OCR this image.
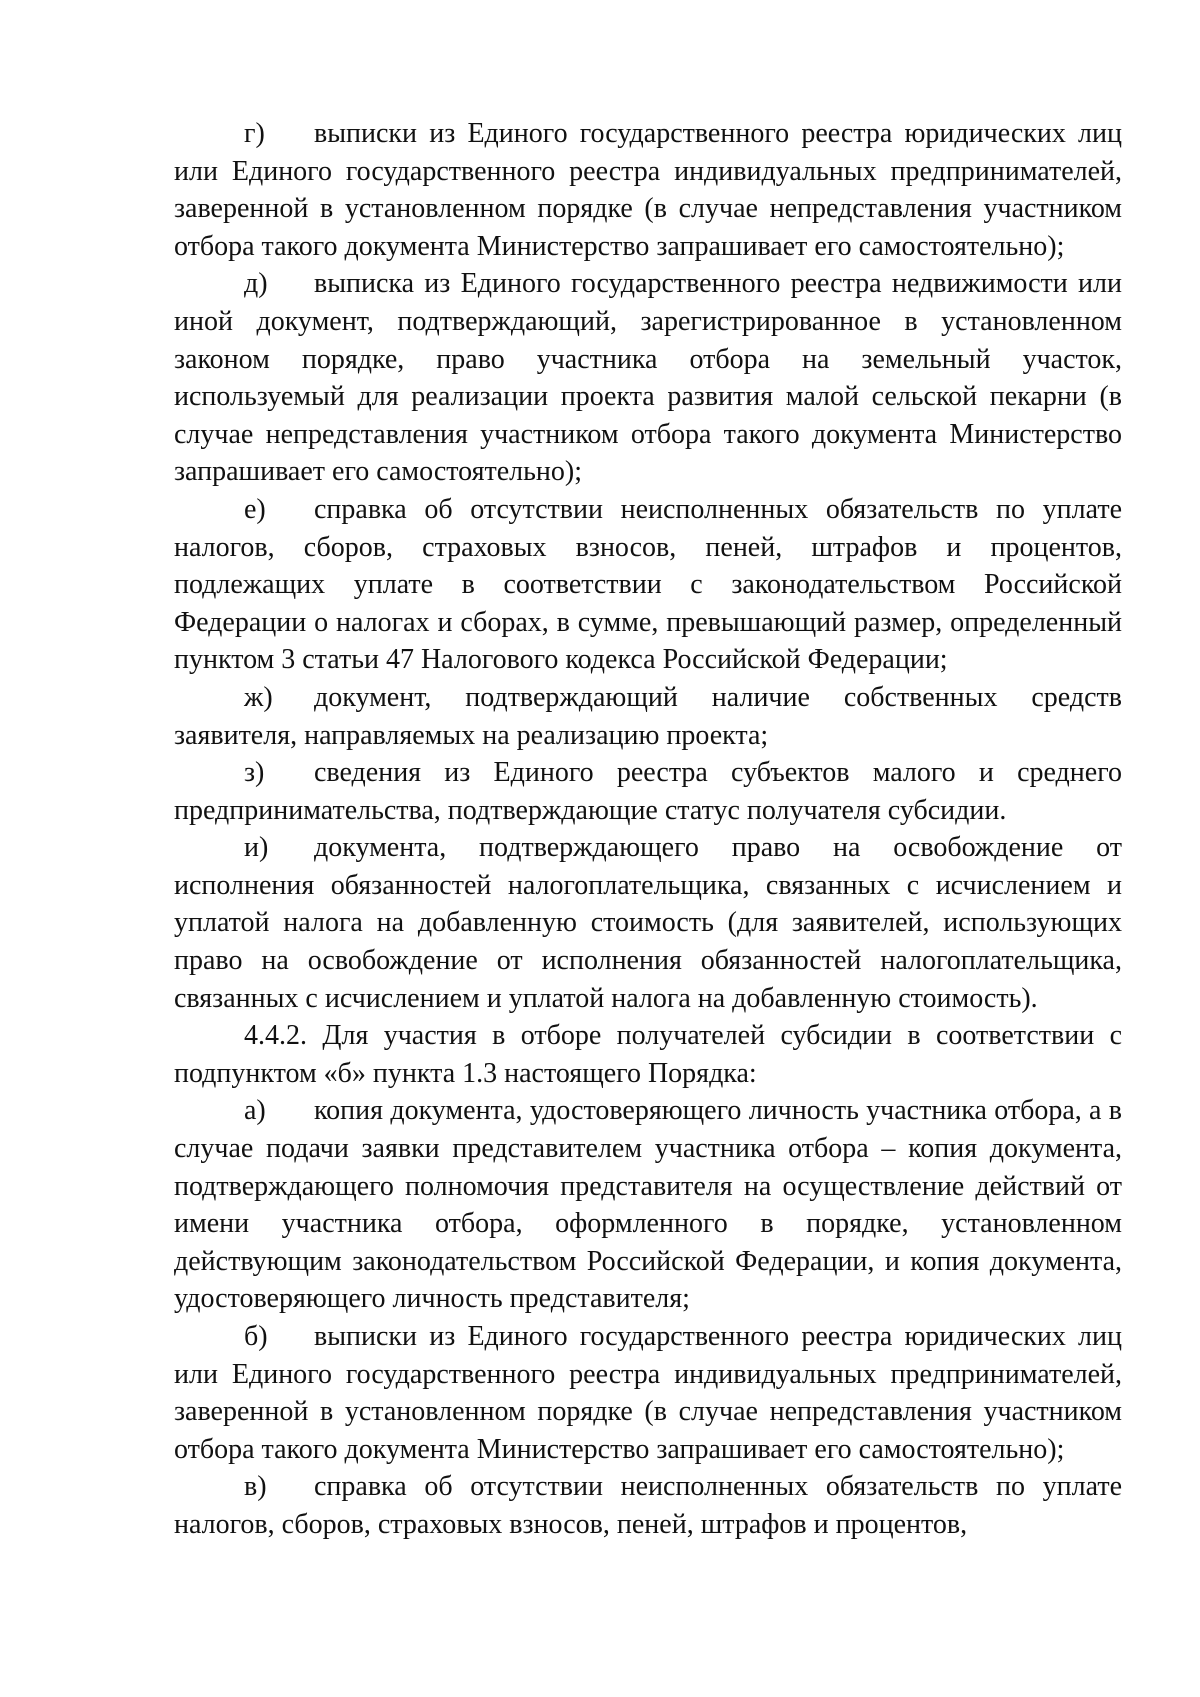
г) выписки из Единого государственного реестра юридических лиц или Единого государственного реестра индивидуальных предпринимателей, заверенной в установленном порядке (в случае непредставления участником отбора такого документа Министерство запрашивает его самостоятельно);

д) выписка из Единого государственного реестра недвижимости или иной документ, подтверждающий, зарегистрированное в установленном законом порядке, право участника отбора на земельный участок, используемый для реализации проекта развития малой сельской пекарни (в случае непредставления участником отбора такого документа Министерство запрашивает его самостоятельно);

е) справка об отсутствии неисполненных обязательств по уплате налогов, сборов, страховых взносов, пеней, штрафов и процентов, подлежащих уплате в соответствии с законодательством Российской Федерации о налогах и сборах, в сумме, превышающий размер, определенный пунктом 3 статьи 47 Налогового кодекса Российской Федерации;

ж) документ, подтверждающий наличие собственных средств заявителя, направляемых на реализацию проекта;

з) сведения из Единого реестра субъектов малого и среднего предпринимательства, подтверждающие статус получателя субсидии.

и) документа, подтверждающего право на освобождение от исполнения обязанностей налогоплательщика, связанных с исчислением и уплатой налога на добавленную стоимость (для заявителей, использующих право на освобождение от исполнения обязанностей налогоплательщика, связанных с исчислением и уплатой налога на добавленную стоимость).

4.4.2. Для участия в отборе получателей субсидии в соответствии с подпунктом «б» пункта 1.3 настоящего Порядка:

а) копия документа, удостоверяющего личность участника отбора, а в случае подачи заявки представителем участника отбора – копия документа, подтверждающего полномочия представителя на осуществление действий от имени участника отбора, оформленного в порядке, установленном действующим законодательством Российской Федерации, и копия документа, удостоверяющего личность представителя;

б) выписки из Единого государственного реестра юридических лиц или Единого государственного реестра индивидуальных предпринимателей, заверенной в установленном порядке (в случае непредставления участником отбора такого документа Министерство запрашивает его самостоятельно);

в) справка об отсутствии неисполненных обязательств по уплате налогов, сборов, страховых взносов, пеней, штрафов и процентов,
